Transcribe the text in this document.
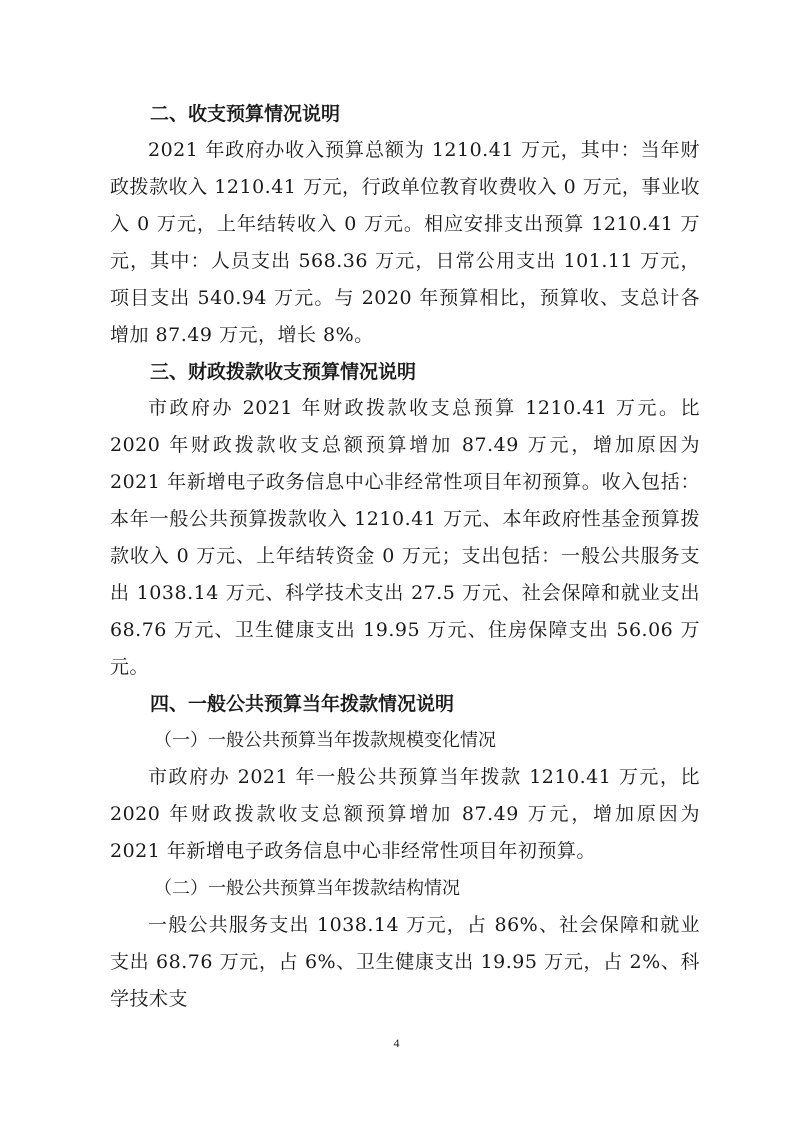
二、收支预算情况说明

2021 年政府办收入预算总额为 1210.41 万元，其中：当年财政拨款收入 1210.41 万元，行政单位教育收费收入 0 万元，事业收入 0 万元，上年结转收入 0 万元。相应安排支出预算 1210.41 万元，其中：人员支出 568.36 万元，日常公用支出 101.11 万元，项目支出 540.94 万元。与 2020 年预算相比，预算收、支总计各增加 87.49 万元，增长 8%。

三、财政拨款收支预算情况说明

市政府办 2021 年财政拨款收支总预算 1210.41 万元。比 2020 年财政拨款收支总额预算增加 87.49 万元，增加原因为 2021 年新增电子政务信息中心非经常性项目年初预算。收入包括：本年一般公共预算拨款收入 1210.41 万元、本年政府性基金预算拨款收入 0 万元、上年结转资金 0 万元；支出包括：一般公共服务支出 1038.14 万元、科学技术支出 27.5 万元、社会保障和就业支出 68.76 万元、卫生健康支出 19.95 万元、住房保障支出 56.06 万元。

四、一般公共预算当年拨款情况说明

（一）一般公共预算当年拨款规模变化情况

市政府办 2021 年一般公共预算当年拨款 1210.41 万元，比 2020 年财政拨款收支总额预算增加 87.49 万元，增加原因为 2021 年新增电子政务信息中心非经常性项目年初预算。

（二）一般公共预算当年拨款结构情况

一般公共服务支出 1038.14 万元，占 86%、社会保障和就业支出 68.76 万元，占 6%、卫生健康支出 19.95 万元，占 2%、科学技术支

4
